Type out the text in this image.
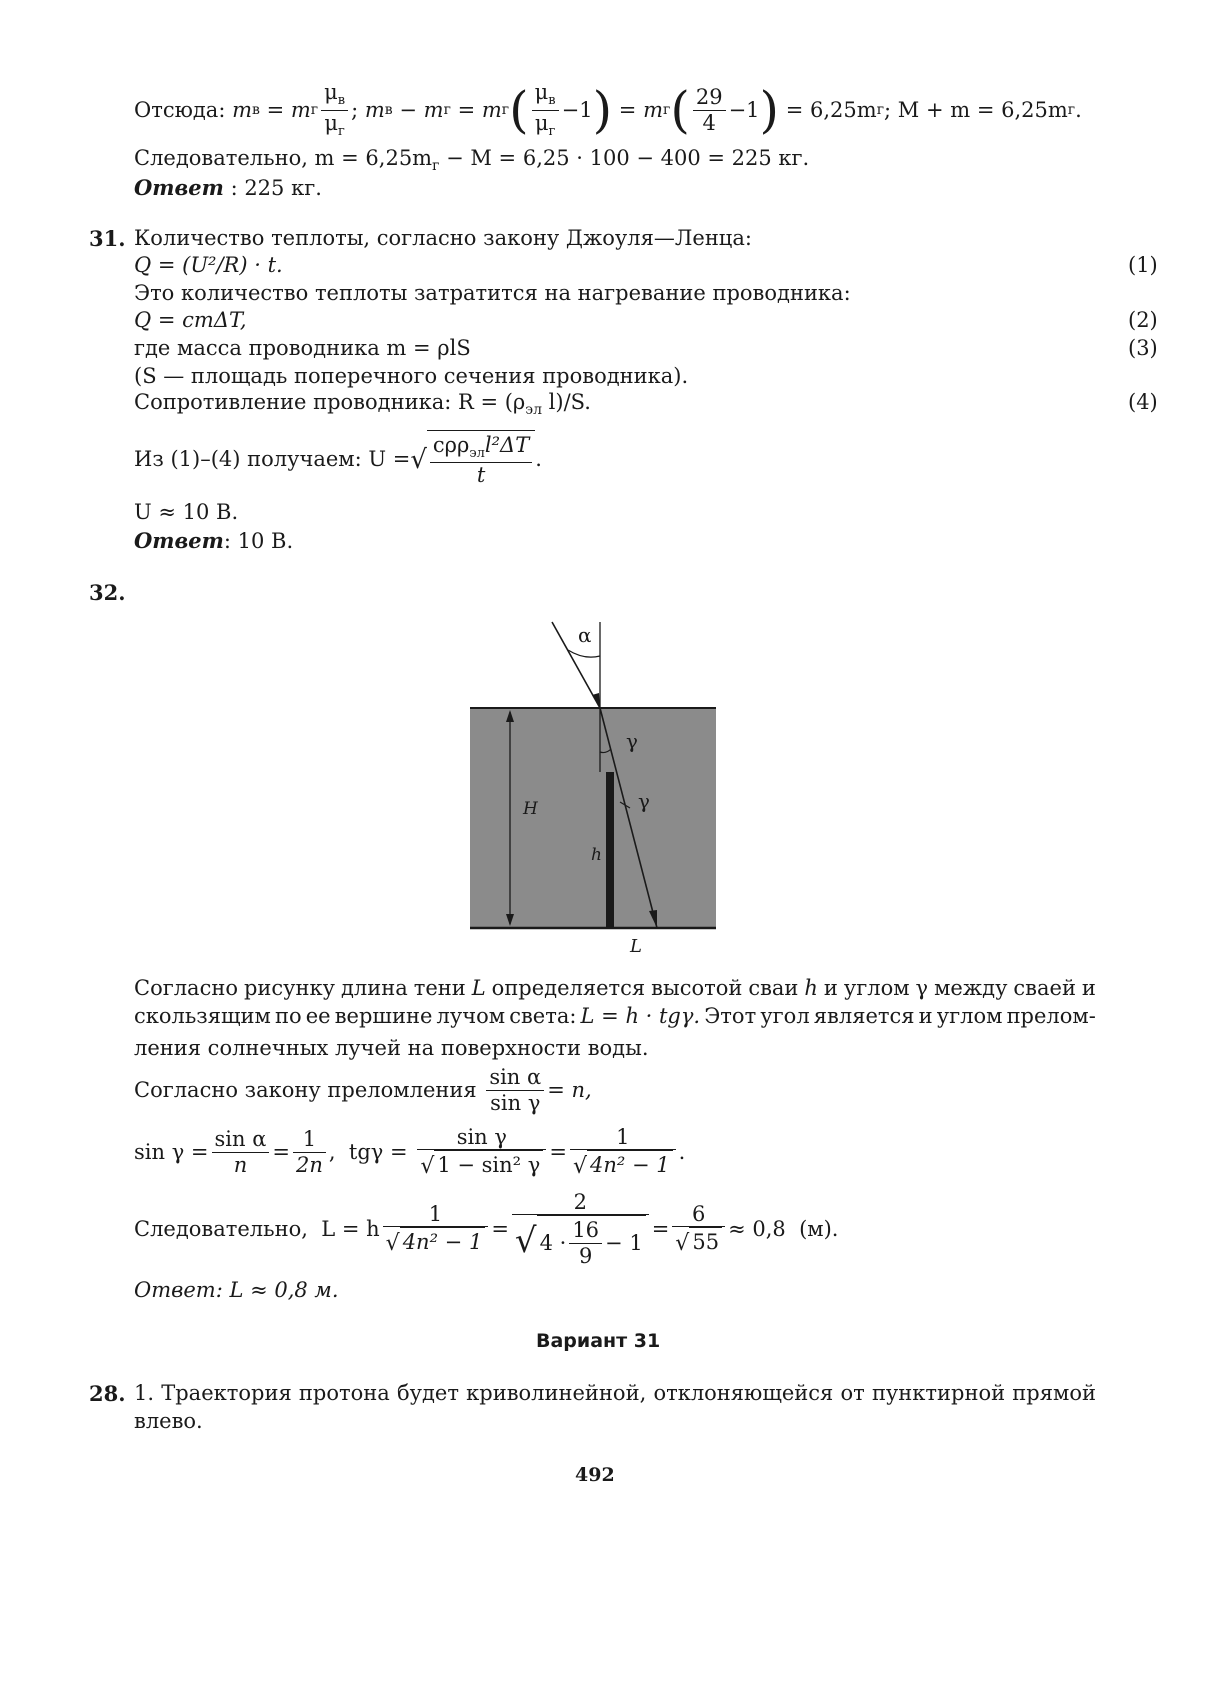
Отсюда:
m в = m г $\frac{\mu_в}{\mu_г}$ ; m в − m г = m г ( $\frac{\mu_в}{\mu_г} -1$ ) = m г ( $\frac{29}{4} -1$ )
= 6,25m г ; M + m = 6,25m г .
Следовательно, $m = 6,25m_г - M = 6,25 \cdot 100 - 400 = 225$ кг.
Ответ : 225 кг.
31. Количество теплоты, согласно закону Джоуля—Ленца:
Q = (U²/R) · t.	(1)
Это количество теплоты затратится на нагревание проводника:
Q = cmΔT,	(2)
где масса проводника m = ρlS	(3)
(S — площадь поперечного сечения проводника).
Сопротивление проводника: $R = (\rho_{эл}$ l)/S.	(4)
Из (1)–(4) получаем: U = √ $\frac{c\rho\rho_{эл}l^2\Delta T}{t}$ .
U ≈ 10 В.
Ответ: 10 В.
32.
α
γ
γ
H
h
L
Согласно рисунку длина тени L определяется высотой сваи h и углом γ между сваей и
скользящим по ее вершине лучом света: L = h · tgγ. Этот угол является и углом прелом-
ления солнечных лучей на поверхности воды.
Согласно закону преломления
$\frac{\text{sin α}}{\text{sin γ}} = n$,
$\sin \gamma = \frac{\text{sin α}}{n} = \frac{1}{2n}$ ,  tgγ =
$\frac{\text{sin γ}}{\text{√ 1 − sin² γ}} = \frac{1}{\text{√ 4n² − 1}}$ .
Следовательно,  L = h $\frac{1}{\text{√ 4n² − 1}} = \frac{2}{√ 4 \cdot \frac{16}{9} - 1} = \frac{6}{√ 55} \approx 0,8$  (м).
Ответ: L ≈ 0,8 м.
Вариант 31
28. 1. Траектория протона будет криволинейной, отклоняющейся от пунктирной прямой
влево.
492
